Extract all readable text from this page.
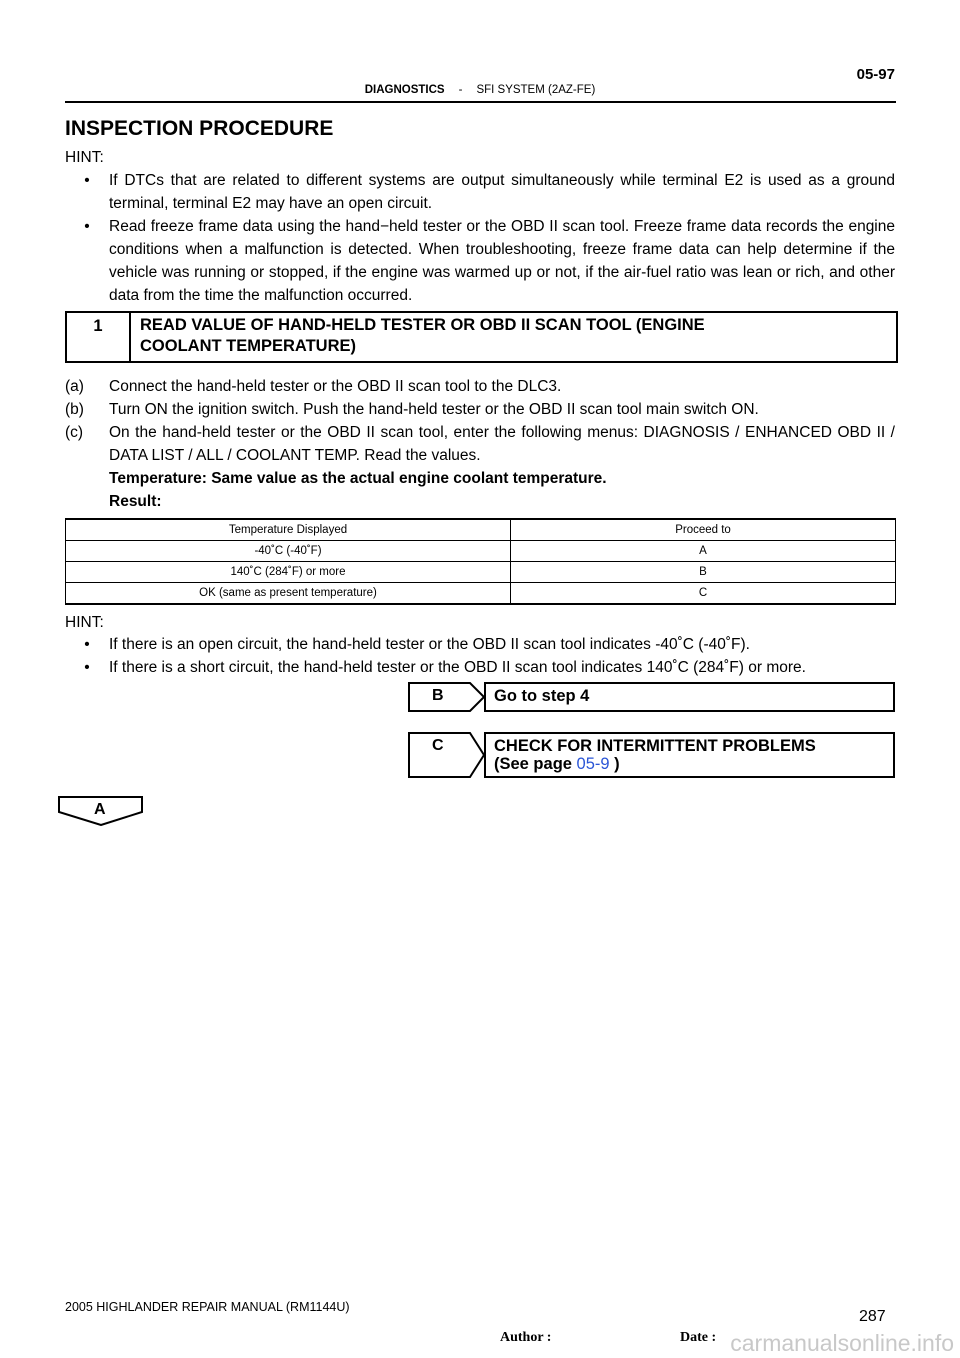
05-97
DIAGNOSTICS - SFI SYSTEM (2AZ-FE)
INSPECTION PROCEDURE
HINT:
•	If DTCs that are related to different systems are output simultaneously while terminal E2 is used as a ground terminal, terminal E2 may have an open circuit.
•	Read freeze frame data using the hand−held tester or the OBD II scan tool. Freeze frame data records the engine conditions when a malfunction is detected. When troubleshooting, freeze frame data can help determine if the vehicle was running or stopped, if the engine was warmed up or not, if the air-fuel ratio was lean or rich, and other data from the time the malfunction occurred.
1	READ VALUE OF HAND-HELD TESTER OR OBD II SCAN TOOL (ENGINE
COOLANT TEMPERATURE)
(a)	Connect the hand-held tester or the OBD II scan tool to the DLC3.
(b)	Turn ON the ignition switch. Push the hand-held tester or the OBD II scan tool main switch ON.
(c)	On the hand-held tester or the OBD II scan tool, enter the following menus: DIAGNOSIS / ENHANCED OBD II / DATA LIST / ALL / COOLANT TEMP. Read the values.
Temperature: Same value as the actual engine coolant temperature.
Result:
Temperature Displayed	Proceed to
-40˚C (-40˚F)	A
140˚C (284˚F) or more	B
OK (same as present temperature)	C
HINT:
•	If there is an open circuit, the hand-held tester or the OBD II scan tool indicates -40˚C (-40˚F).
•	If there is a short circuit, the hand-held tester or the OBD II scan tool indicates 140˚C (284˚F) or more.
B	Go to step 4
C	CHECK FOR INTERMITTENT PROBLEMS
(See page 05-9 )
A
2005 HIGHLANDER REPAIR MANUAL (RM1144U)
287
Author :	Date : carmanualsonline.info
